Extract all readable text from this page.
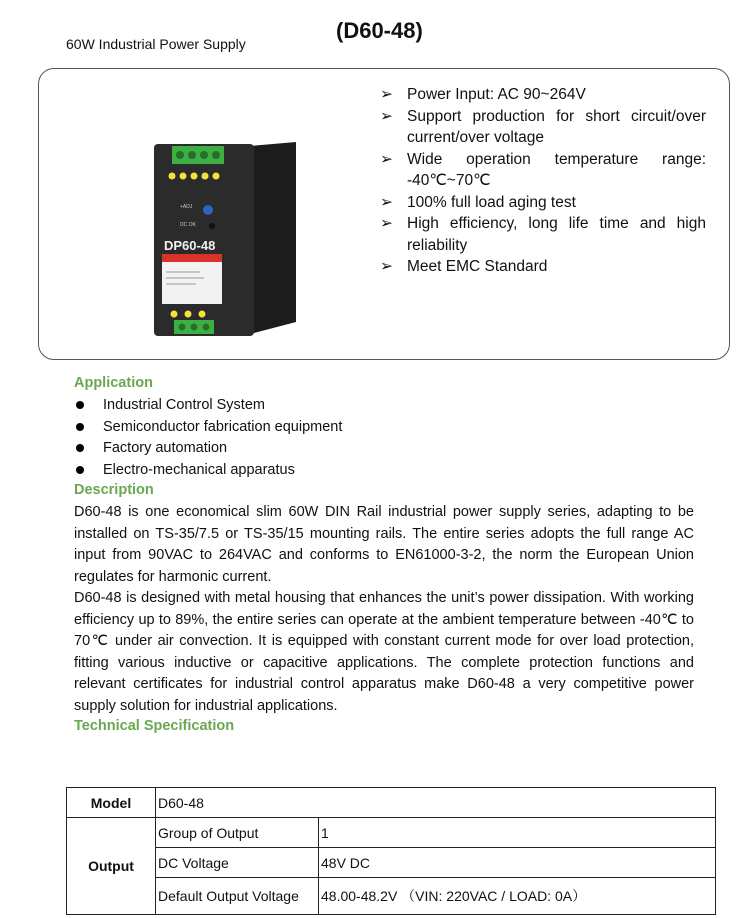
60W Industrial Power Supply
(D60-48)
+ADJ
DC OK
DP60-48
➢ Power Input: AC 90~264V
➢ Support production for short circuit/over current/over voltage
➢ Wide operation temperature range: -40℃~70℃
➢ 100% full load aging test
➢ High efficiency, long life time and high reliability
➢ Meet EMC Standard
Application
Industrial Control System
Semiconductor fabrication equipment
Factory automation
Electro-mechanical apparatus
Description

D60-48 is one economical slim 60W DIN Rail industrial power supply series, adapting to be installed on TS-35/7.5 or TS-35/15 mounting rails. The entire series adopts the full range AC input from 90VAC to 264VAC and conforms to EN61000-3-2, the norm the European Union regulates for harmonic current.

D60-48 is designed with metal housing that enhances the unit’s power dissipation. With working efficiency up to 89%, the entire series can operate at the ambient temperature between -40℃ to 70℃ under air convection. It is equipped with constant current mode for over load protection, fitting various inductive or capacitive applications. The complete protection functions and relevant certificates for industrial control apparatus make D60-48 a very competitive power supply solution for industrial applications.

Technical Specification
Model	D60-48	
Output	Group of Output	1
	DC Voltage	48V DC
	Default Output Voltage	48.00-48.2V （VIN: 220VAC / LOAD: 0A）
